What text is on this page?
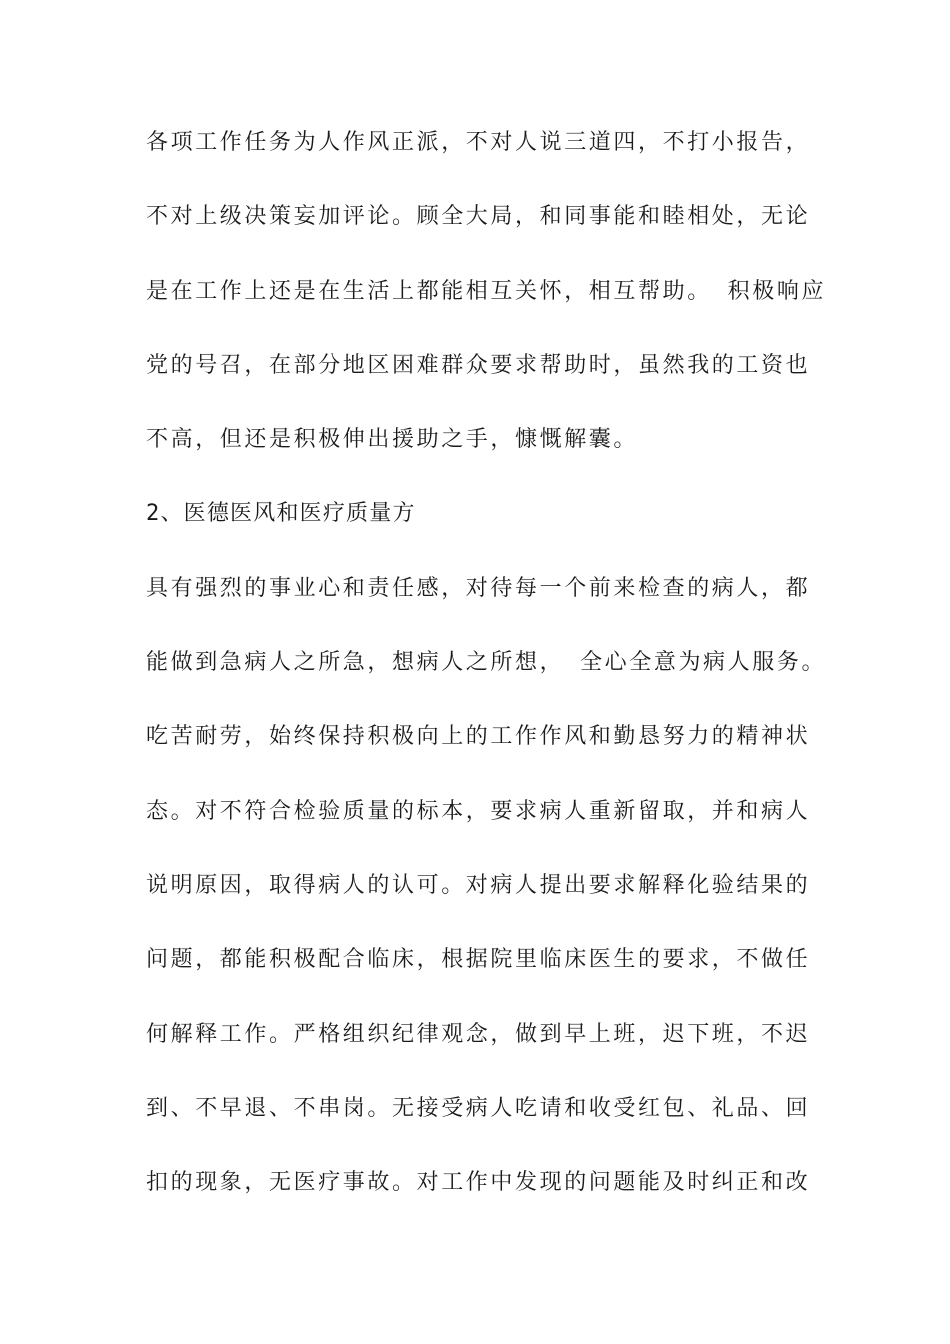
各项工作任务为人作风正派，不对人说三道四，不打小报告，
不对上级决策妄加评论。顾全大局，和同事能和睦相处，无论
是在工作上还是在生活上都能相互关怀，相互帮助。 积极响应
党的号召，在部分地区困难群众要求帮助时，虽然我的工资也
不高，但还是积极伸出援助之手，慷慨解囊。
2、医德医风和医疗质量方
具有强烈的事业心和责任感，对待每一个前来检查的病人，都
能做到急病人之所急，想病人之所想， 全心全意为病人服务。
吃苦耐劳，始终保持积极向上的工作作风和勤恳努力的精神状
态。对不符合检验质量的标本，要求病人重新留取，并和病人
说明原因，取得病人的认可。对病人提出要求解释化验结果的
问题，都能积极配合临床，根据院里临床医生的要求，不做任
何解释工作。严格组织纪律观念，做到早上班，迟下班，不迟
到、不早退、不串岗。无接受病人吃请和收受红包、礼品、回
扣的现象，无医疗事故。对工作中发现的问题能及时纠正和改
